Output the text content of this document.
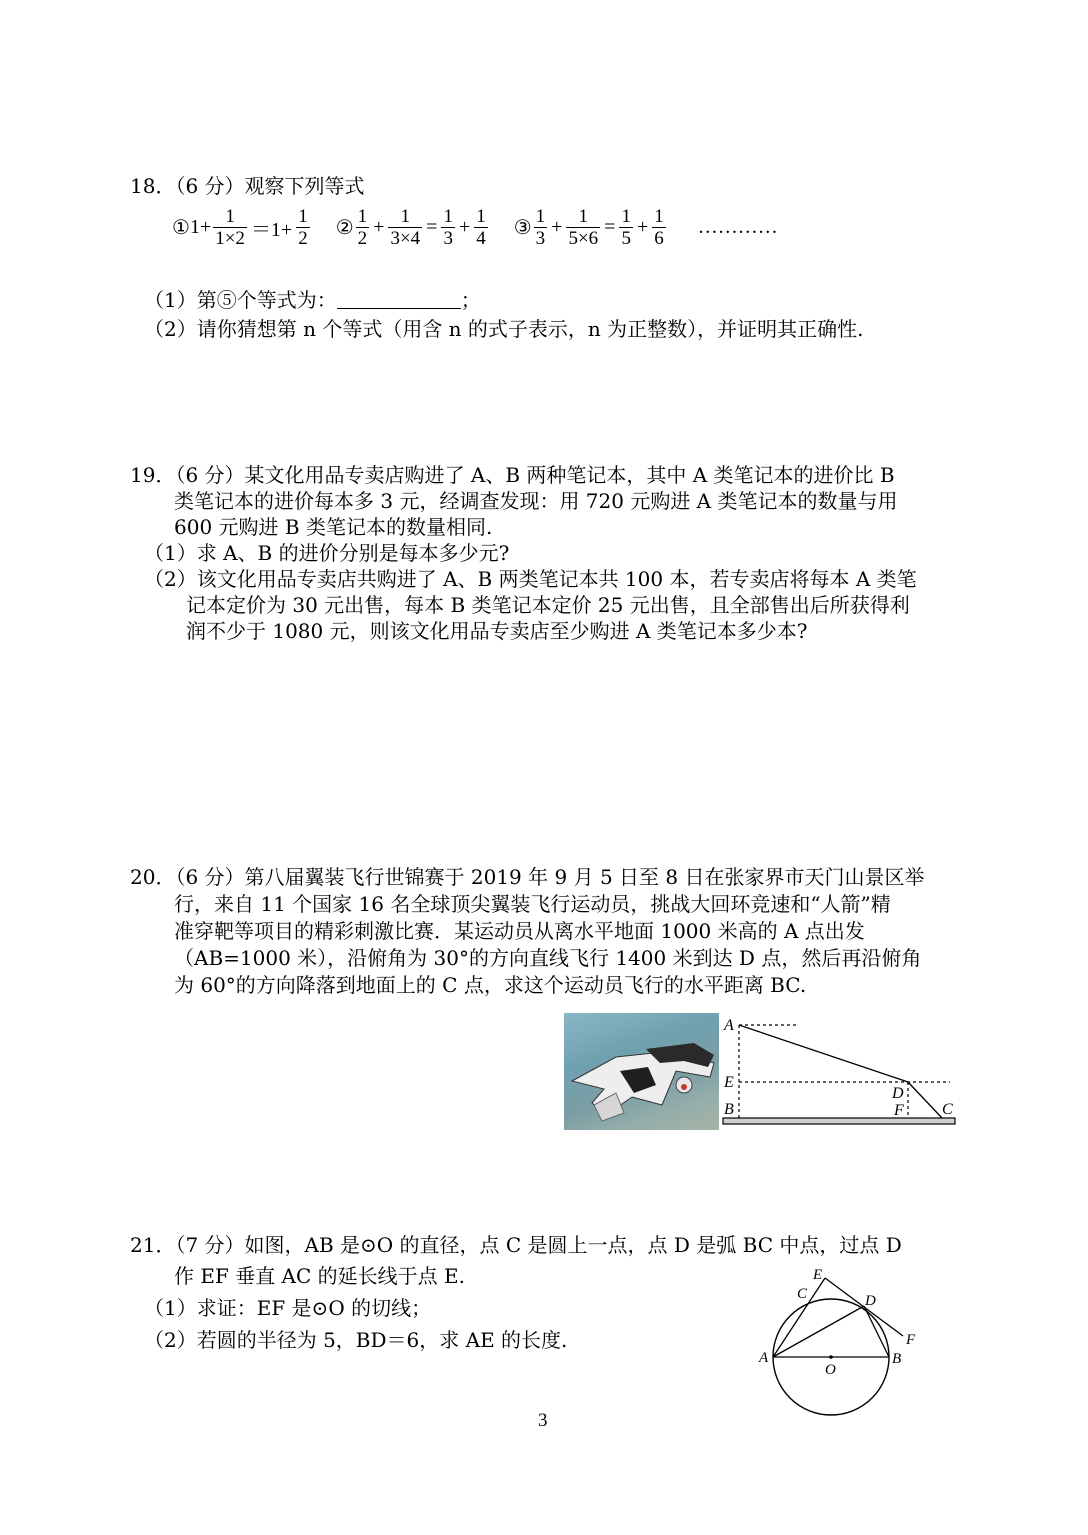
18．（6 分）观察下列等式
① $1+ \frac{1}{1\times 2} =1+ \frac{1}{2}$ ② $\frac{1}{2} + \frac{1}{3\times 4} = \frac{1}{3} + \frac{1}{4}$ ③ $\frac{1}{3} + \frac{1}{5\times 6} = \frac{1}{5} + \frac{1}{6}$ …………
（1）第⑤个等式为：	；
（2）请你猜想第 n 个等式（用含 n 的式子表示，n 为正整数），并证明其正确性.
19．（6 分）某文化用品专卖店购进了 A、B 两种笔记本，其中 A 类笔记本的进价比 B
类笔记本的进价每本多 3 元，经调查发现：用 720 元购进 A 类笔记本的数量与用
600 元购进 B 类笔记本的数量相同.
（1）求 A、B 的进价分别是每本多少元?
（2）该文化用品专卖店共购进了 A、B 两类笔记本共 100 本，若专卖店将每本 A 类笔
记本定价为 30 元出售，每本 B 类笔记本定价 25 元出售，且全部售出后所获得利
润不少于 1080 元，则该文化用品专卖店至少购进 A 类笔记本多少本?
20．（6 分）第八届翼装飞行世锦赛于 2019 年 9 月 5 日至 8 日在张家界市天门山景区举
行，来自 11 个国家 16 名全球顶尖翼装飞行运动员，挑战大回环竞速和“人箭”精
准穿靶等项目的精彩刺激比赛．某运动员从离水平地面 1000 米高的 A 点出发
（AB=1000 米），沿俯角为 30°的方向直线飞行 1400 米到达 D 点，然后再沿俯角
为 60°的方向降落到地面上的 C 点，求这个运动员飞行的水平距离 BC.
A
E
B
D
F C
21．（7 分）如图，AB 是⊙O 的直径，点 C 是圆上一点，点 D 是弧 BC 中点，过点 D
作 EF 垂直 AC 的延长线于点 E.
（1）求证：EF 是⊙O 的切线；
（2）若圆的半径为 5，BD＝6，求 AE 的长度.
A	B
C	D
E
F
O
3
